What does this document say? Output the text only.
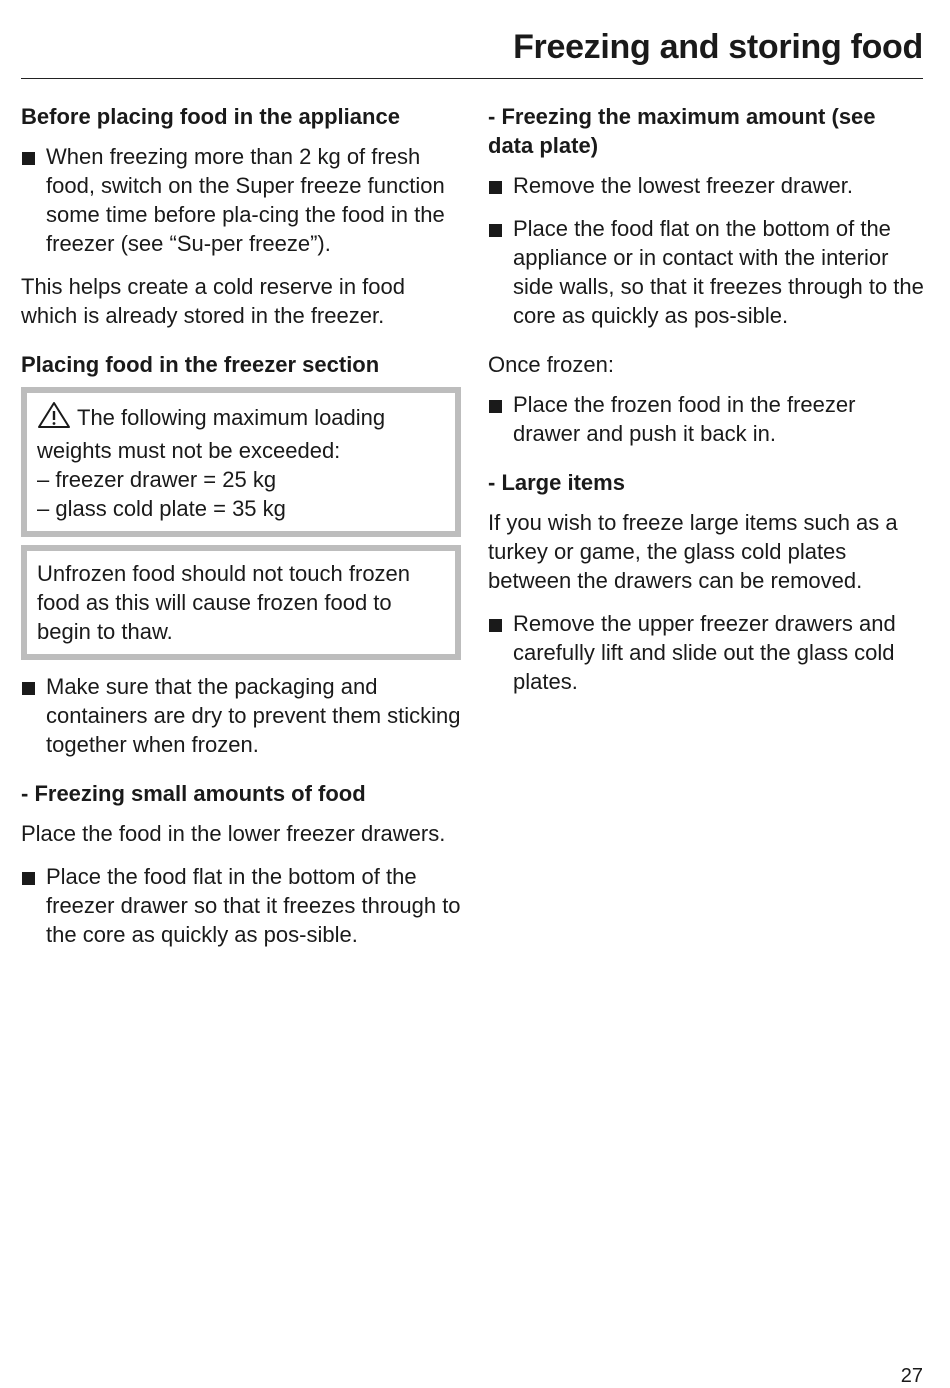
Freezing and storing food
Before placing food in the appliance
When freezing more than 2 kg of fresh food, switch on the Super freeze function some time before pla-cing the food in the freezer (see “Su-per freeze”).

This helps create a cold reserve in food which is already stored in the freezer.

Placing food in the freezer section
The following maximum loading weights must not be exceeded:
– freezer drawer = 25 kg
– glass cold plate = 35 kg
Unfrozen food should not touch frozen food as this will cause frozen food to begin to thaw.
Make sure that the packaging and containers are dry to prevent them sticking together when frozen.
- Freezing small amounts of food

Place the food in the lower freezer drawers.

Place the food flat in the bottom of the freezer drawer so that it freezes through to the core as quickly as pos-sible.
- Freezing the maximum amount (see data plate)
Remove the lowest freezer drawer.
Place the food flat on the bottom of the appliance or in contact with the interior side walls, so that it freezes through to the core as quickly as pos-sible.

Once frozen:

Place the frozen food in the freezer drawer and push it back in.
- Large items

If you wish to freeze large items such as a turkey or game, the glass cold plates between the drawers can be removed.

Remove the upper freezer drawers and carefully lift and slide out the glass cold plates.
27
